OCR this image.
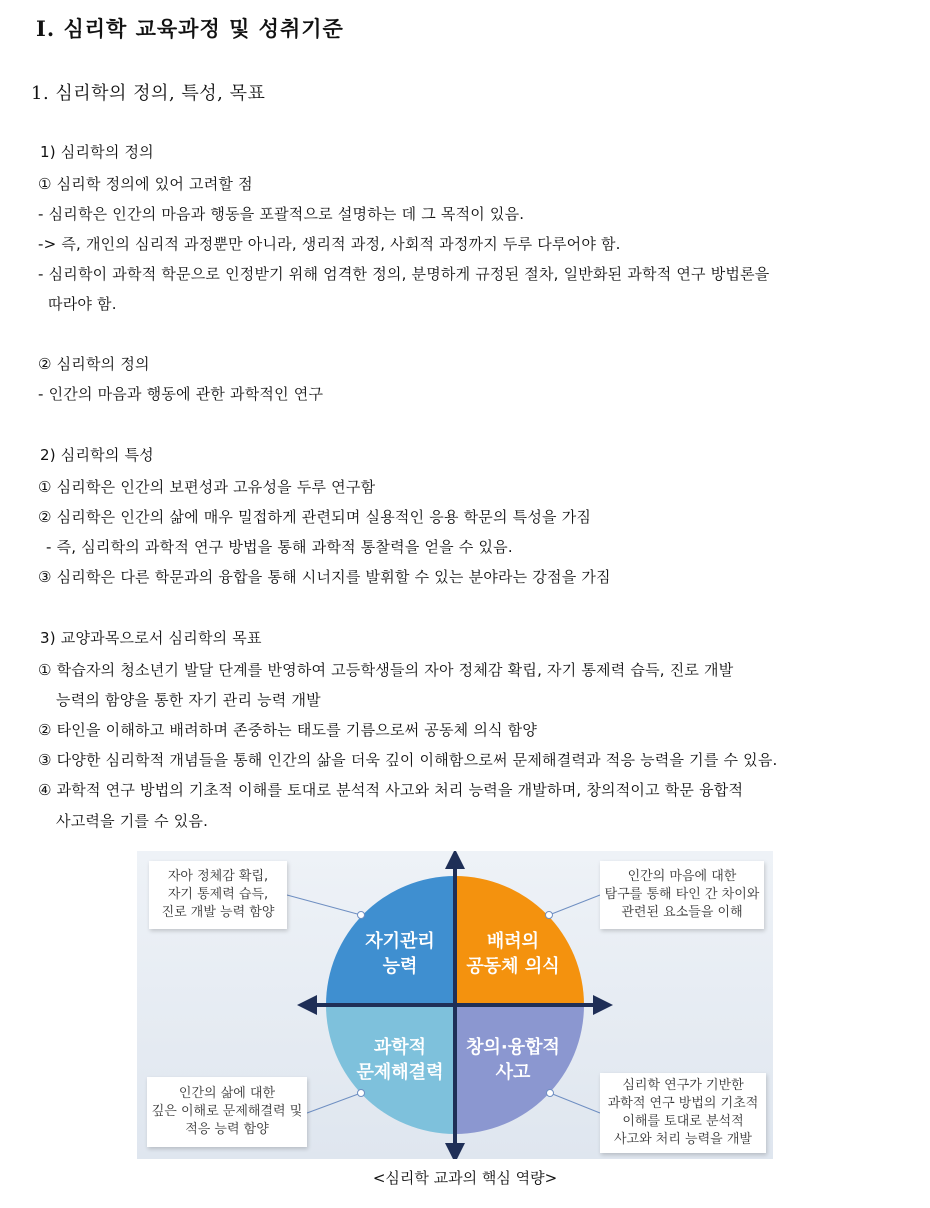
Ⅰ. 심리학 교육과정 및 성취기준
1. 심리학의 정의, 특성, 목표
1) 심리학의 정의
① 심리학 정의에 있어 고려할 점
- 심리학은 인간의 마음과 행동을 포괄적으로 설명하는 데 그 목적이 있음.
-> 즉, 개인의 심리적 과정뿐만 아니라, 생리적 과정, 사회적 과정까지 두루 다루어야 함.
- 심리학이 과학적 학문으로 인정받기 위해 엄격한 정의, 분명하게 규정된 절차, 일반화된 과학적 연구 방법론을
따라야 함.
② 심리학의 정의
- 인간의 마음과 행동에 관한 과학적인 연구
2) 심리학의 특성
① 심리학은 인간의 보편성과 고유성을 두루 연구함
② 심리학은 인간의 삶에 매우 밀접하게 관련되며 실용적인 응용 학문의 특성을 가짐
- 즉, 심리학의 과학적 연구 방법을 통해 과학적 통찰력을 얻을 수 있음.
③ 심리학은 다른 학문과의 융합을 통해 시너지를 발휘할 수 있는 분야라는 강점을 가짐
3) 교양과목으로서 심리학의 목표
① 학습자의 청소년기 발달 단계를 반영하여 고등학생들의 자아 정체감 확립, 자기 통제력 습득, 진로 개발
능력의 함양을 통한 자기 관리 능력 개발
② 타인을 이해하고 배려하며 존중하는 태도를 기름으로써 공동체 의식 함양
③ 다양한 심리학적 개념들을 통해 인간의 삶을 더욱 깊이 이해함으로써 문제해결력과 적응 능력을 기를 수 있음.
④ 과학적 연구 방법의 기초적 이해를 토대로 분석적 사고와 처리 능력을 개발하며, 창의적이고 학문 융합적
사고력을 기를 수 있음.
자기관리
능력
배려의
공동체 의식
과학적
문제해결력
창의·융합적
사고
자아 정체감 확립,
자기 통제력 습득,
진로 개발 능력 함양
인간의 마음에 대한
탐구를 통해 타인 간 차이와
관련된 요소들을 이해
인간의 삶에 대한
깊은 이해로 문제해결력 및
적응 능력 함양
심리학 연구가 기반한
과학적 연구 방법의 기초적
이해를 토대로 분석적
사고와 처리 능력을 개발
<심리학 교과의 핵심 역량>
